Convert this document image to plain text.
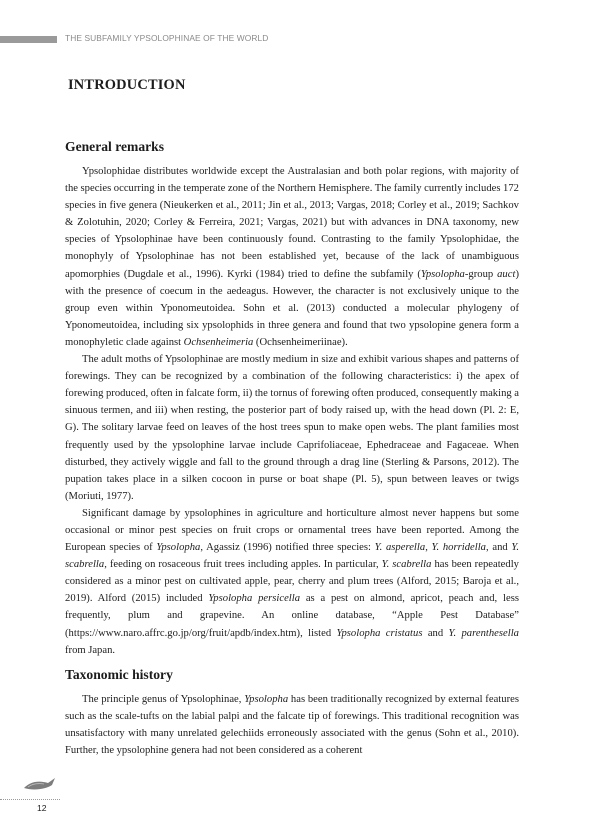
THE SUBFAMILY YPSOLOPHINAE OF THE WORLD
INTRODUCTION
General remarks

Ypsolophidae distributes worldwide except the Australasian and both polar regions, with majority of the species occurring in the temperate zone of the Northern Hemisphere. The family currently includes 172 species in five genera (Nieukerken et al., 2011; Jin et al., 2013; Vargas, 2018; Corley et al., 2019; Sachkov & Zolotuhin, 2020; Corley & Ferreira, 2021; Vargas, 2021) but with advances in DNA taxonomy, new species of Ypsolophinae have been continuously found. Contrasting to the family Ypsolophidae, the monophyly of Ypsolophinae has not been established yet, because of the lack of unambiguous apomorphies (Dugdale et al., 1996). Kyrki (1984) tried to define the subfamily (Ypsolopha-group auct) with the presence of coecum in the aedeagus. However, the character is not exclusively unique to the group even within Yponomeutoidea. Sohn et al. (2013) conducted a molecular phylogeny of Yponomeutoidea, including six ypsolophids in three genera and found that two ypsolopine genera form a monophyletic clade against Ochsenheimeria (Ochsenheimeriinae).

The adult moths of Ypsolophinae are mostly medium in size and exhibit various shapes and patterns of forewings. They can be recognized by a combination of the following characteristics: i) the apex of forewing produced, often in falcate form, ii) the tornus of forewing often produced, consequently making a sinuous termen, and iii) when resting, the posterior part of body raised up, with the head down (Pl. 2: E, G). The solitary larvae feed on leaves of the host trees spun to make open webs. The plant families most frequently used by the ypsolophine larvae include Caprifoliaceae, Ephedraceae and Fagaceae. When disturbed, they actively wiggle and fall to the ground through a drag line (Sterling & Parsons, 2012). The pupation takes place in a silken cocoon in purse or boat shape (Pl. 5), spun between leaves or twigs (Moriuti, 1977).

Significant damage by ypsolophines in agriculture and horticulture almost never happens but some occasional or minor pest species on fruit crops or ornamental trees have been reported. Among the European species of Ypsolopha, Agassiz (1996) notified three species: Y. asperella, Y. horridella, and Y. scabrella, feeding on rosaceous fruit trees including apples. In particular, Y. scabrella has been repeatedly considered as a minor pest on cultivated apple, pear, cherry and plum trees (Alford, 2015; Baroja et al., 2019). Alford (2015) included Ypsolopha persicella as a pest on almond, apricot, peach and, less frequently, plum and grapevine. An online database, “Apple Pest Database” (https://www.naro.affrc.go.jp/org/fruit/apdb/index.htm), listed Ypsolopha cristatus and Y. parenthesella from Japan.

Taxonomic history

The principle genus of Ypsolophinae, Ypsolopha has been traditionally recognized by external features such as the scale-tufts on the labial palpi and the falcate tip of forewings. This traditional recognition was unsatisfactory with many unrelated gelechiids erroneously associated with the genus (Sohn et al., 2010). Further, the ypsolophine genera had not been considered as a coherent

12
